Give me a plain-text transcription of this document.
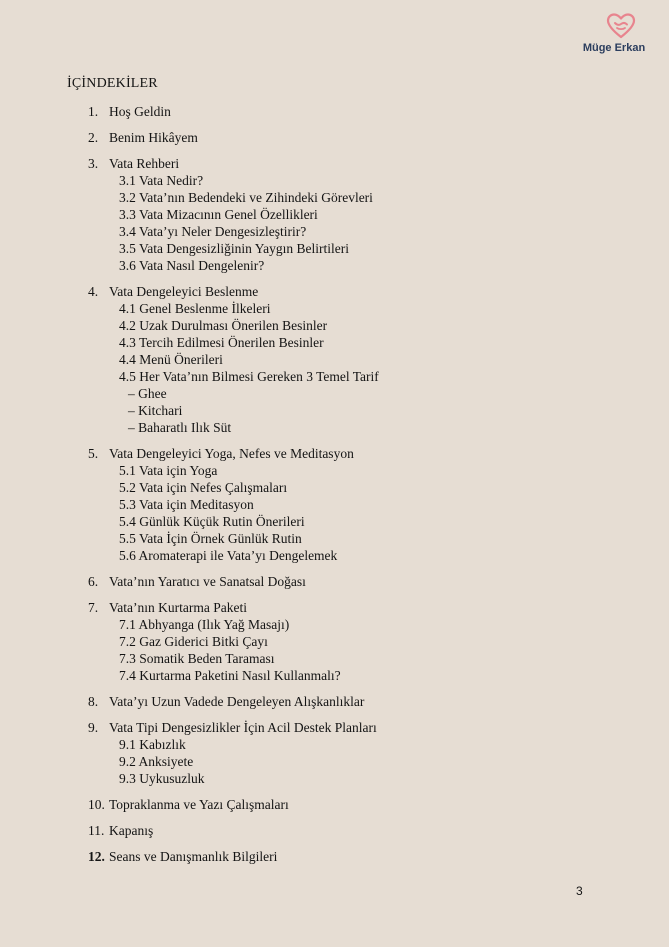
Müge Erkan
İÇİNDEKİLER
1. Hoş Geldin
2. Benim Hikâyem
3. Vata Rehberi
3.1 Vata Nedir?
3.2 Vata’nın Bedendeki ve Zihindeki Görevleri
3.3 Vata Mizacının Genel Özellikleri
3.4 Vata’yı Neler Dengesizleştirir?
3.5 Vata Dengesizliğinin Yaygın Belirtileri
3.6 Vata Nasıl Dengelenir?
4. Vata Dengeleyici Beslenme
4.1 Genel Beslenme İlkeleri
4.2 Uzak Durulması Önerilen Besinler
4.3 Tercih Edilmesi Önerilen Besinler
4.4 Menü Önerileri
4.5 Her Vata’nın Bilmesi Gereken 3 Temel Tarif
– Ghee
– Kitchari
– Baharatlı Ilık Süt
5. Vata Dengeleyici Yoga, Nefes ve Meditasyon
5.1 Vata için Yoga
5.2 Vata için Nefes Çalışmaları
5.3 Vata için Meditasyon
5.4 Günlük Küçük Rutin Önerileri
5.5 Vata İçin Örnek Günlük Rutin
5.6 Aromaterapi ile Vata’yı Dengelemek
6. Vata’nın Yaratıcı ve Sanatsal Doğası
7. Vata’nın Kurtarma Paketi
7.1 Abhyanga (Ilık Yağ Masajı)
7.2 Gaz Giderici Bitki Çayı
7.3 Somatik Beden Taraması
7.4 Kurtarma Paketini Nasıl Kullanmalı?
8. Vata’yı Uzun Vadede Dengeleyen Alışkanlıklar
9. Vata Tipi Dengesizlikler İçin Acil Destek Planları
9.1 Kabızlık
9.2 Anksiyete
9.3 Uykusuzluk
10. Topraklanma ve Yazı Çalışmaları
11. Kapanış
12. Seans ve Danışmanlık Bilgileri
3
